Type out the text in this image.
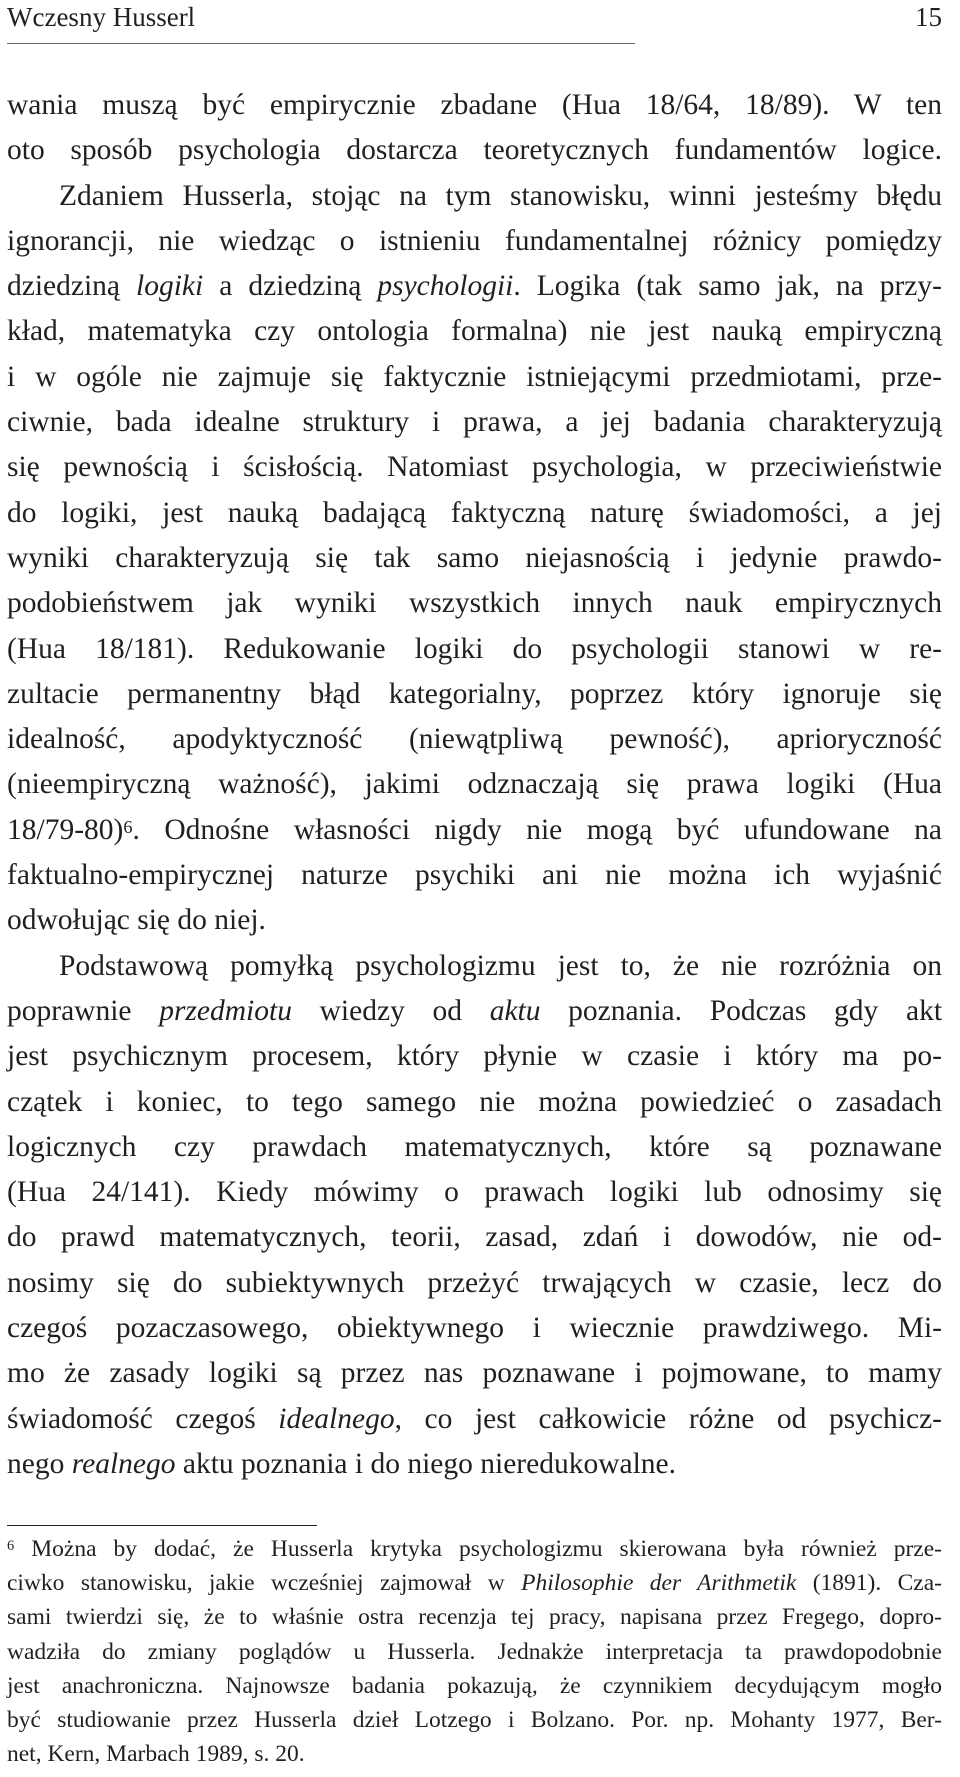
Wczesny Husserl	15
wania muszą być empirycznie zbadane (Hua 18/64, 18/89). W ten
oto sposób psychologia dostarcza teoretycznych fundamentów logice.
Zdaniem Husserla, stojąc na tym stanowisku, winni jesteśmy błędu
ignorancji, nie wiedząc o istnieniu fundamentalnej różnicy pomiędzy
dziedziną logiki a dziedziną psychologii. Logika (tak samo jak, na przy-
kład, matematyka czy ontologia formalna) nie jest nauką empiryczną
i w ogóle nie zajmuje się faktycznie istniejącymi przedmiotami, prze-
ciwnie, bada idealne struktury i prawa, a jej badania charakteryzują
się pewnością i ścisłością. Natomiast psychologia, w przeciwieństwie
do logiki, jest nauką badającą faktyczną naturę świadomości, a jej
wyniki charakteryzują się tak samo niejasnością i jedynie prawdo-
podobieństwem jak wyniki wszystkich innych nauk empirycznych
(Hua 18/181). Redukowanie logiki do psychologii stanowi w re-
zultacie permanentny błąd kategorialny, poprzez który ignoruje się
idealność, apodyktyczność (niewątpliwą pewność), aprioryczność
(nieempiryczną ważność), jakimi odznaczają się prawa logiki (Hua
18/79-80)$^6$. Odnośne własności nigdy nie mogą być ufundowane na
faktualno-empirycznej naturze psychiki ani nie można ich wyjaśnić
odwołując się do niej.
Podstawową pomyłką psychologizmu jest to, że nie rozróżnia on
poprawnie przedmiotu wiedzy od aktu poznania. Podczas gdy akt
jest psychicznym procesem, który płynie w czasie i który ma po-
czątek i koniec, to tego samego nie można powiedzieć o zasadach
logicznych czy prawdach matematycznych, które są poznawane
(Hua 24/141). Kiedy mówimy o prawach logiki lub odnosimy się
do prawd matematycznych, teorii, zasad, zdań i dowodów, nie od-
nosimy się do subiektywnych przeżyć trwających w czasie, lecz do
czegoś pozaczasowego, obiektywnego i wiecznie prawdziwego. Mi-
mo że zasady logiki są przez nas poznawane i pojmowane, to mamy
świadomość czegoś idealnego, co jest całkowicie różne od psychicz-
nego realnego aktu poznania i do niego nieredukowalne.
$^6$ Można by dodać, że Husserla krytyka psychologizmu skierowana była również prze-
ciwko stanowisku, jakie wcześniej zajmował w Philosophie der Arithmetik (1891). Cza-
sami twierdzi się, że to właśnie ostra recenzja tej pracy, napisana przez Fregego, dopro-
wadziła do zmiany poglądów u Husserla. Jednakże interpretacja ta prawdopodobnie
jest anachroniczna. Najnowsze badania pokazują, że czynnikiem decydującym mogło
być studiowanie przez Husserla dzieł Lotzego i Bolzano. Por. np. Mohanty 1977, Ber-
net, Kern, Marbach 1989, s. 20.
